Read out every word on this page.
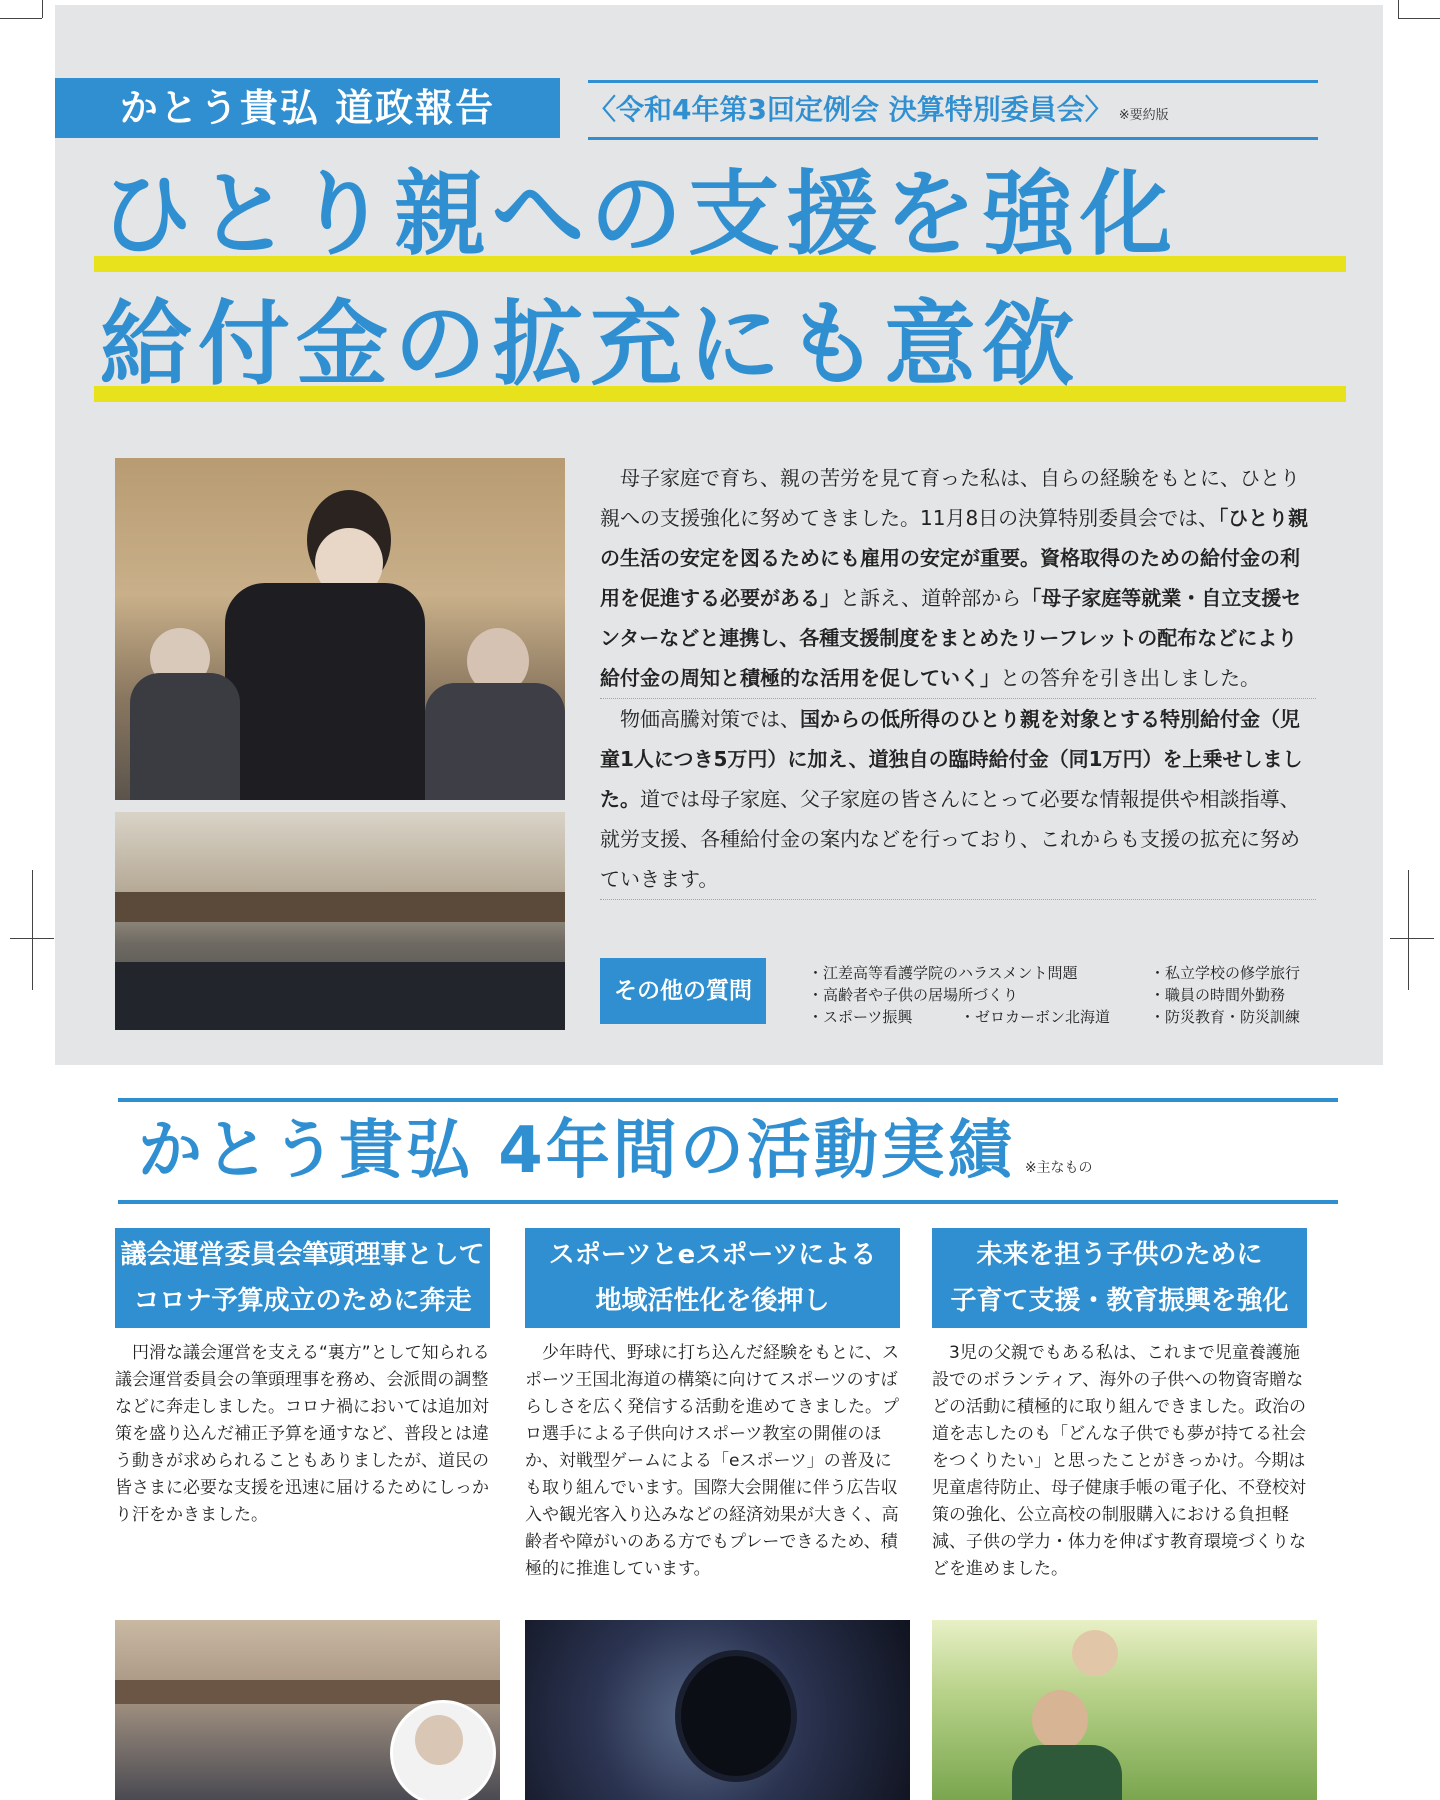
かとう貴弘 道政報告	〈令和4年第3回定例会 決算特別委員会〉 ※要約版
ひとり親への支援を強化
給付金の拡充にも意欲

母子家庭で育ち、親の苦労を見て育った私は、自らの経験をもとに、ひとり親への支援強化に努めてきました。11月8日の決算特別委員会では、「ひとり親の生活の安定を図るためにも雇用の安定が重要。資格取得のための給付金の利用を促進する必要がある」と訴え、道幹部から「母子家庭等就業・自立支援センターなどと連携し、各種支援制度をまとめたリーフレットの配布などにより給付金の周知と積極的な活用を促していく」との答弁を引き出しました。

物価高騰対策では、国からの低所得のひとり親を対象とする特別給付金（児童1人につき5万円）に加え、道独自の臨時給付金（同1万円）を上乗せしました。道では母子家庭、父子家庭の皆さんにとって必要な情報提供や相談指導、就労支援、各種給付金の案内などを行っており、これからも支援の拡充に努めていきます。

その他の質問
・江差高等看護学院のハラスメント問題
・高齢者や子供の居場所づくり
・スポーツ振興	・ゼロカーボン北海道
・私立学校の修学旅行
・職員の時間外勤務
・防災教育・防災訓練
かとう貴弘 4年間の活動実績 ※主なもの
議会運営委員会筆頭理事として
コロナ予算成立のために奔走
スポーツとeスポーツによる
地域活性化を後押し
未来を担う子供のために
子育て支援・教育振興を強化

円滑な議会運営を支える“裏方”として知られる議会運営委員会の筆頭理事を務め、会派間の調整などに奔走しました。コロナ禍においては追加対策を盛り込んだ補正予算を通すなど、普段とは違う動きが求められることもありましたが、道民の皆さまに必要な支援を迅速に届けるためにしっかり汗をかきました。

少年時代、野球に打ち込んだ経験をもとに、スポーツ王国北海道の構築に向けてスポーツのすばらしさを広く発信する活動を進めてきました。プロ選手による子供向けスポーツ教室の開催のほか、対戦型ゲームによる「eスポーツ」の普及にも取り組んでいます。国際大会開催に伴う広告収入や観光客入り込みなどの経済効果が大きく、高齢者や障がいのある方でもプレーできるため、積極的に推進しています。

3児の父親でもある私は、これまで児童養護施設でのボランティア、海外の子供への物資寄贈などの活動に積極的に取り組んできました。政治の道を志したのも「どんな子供でも夢が持てる社会をつくりたい」と思ったことがきっかけ。今期は児童虐待防止、母子健康手帳の電子化、不登校対策の強化、公立高校の制服購入における負担軽減、子供の学力・体力を伸ばす教育環境づくりなどを進めました。
